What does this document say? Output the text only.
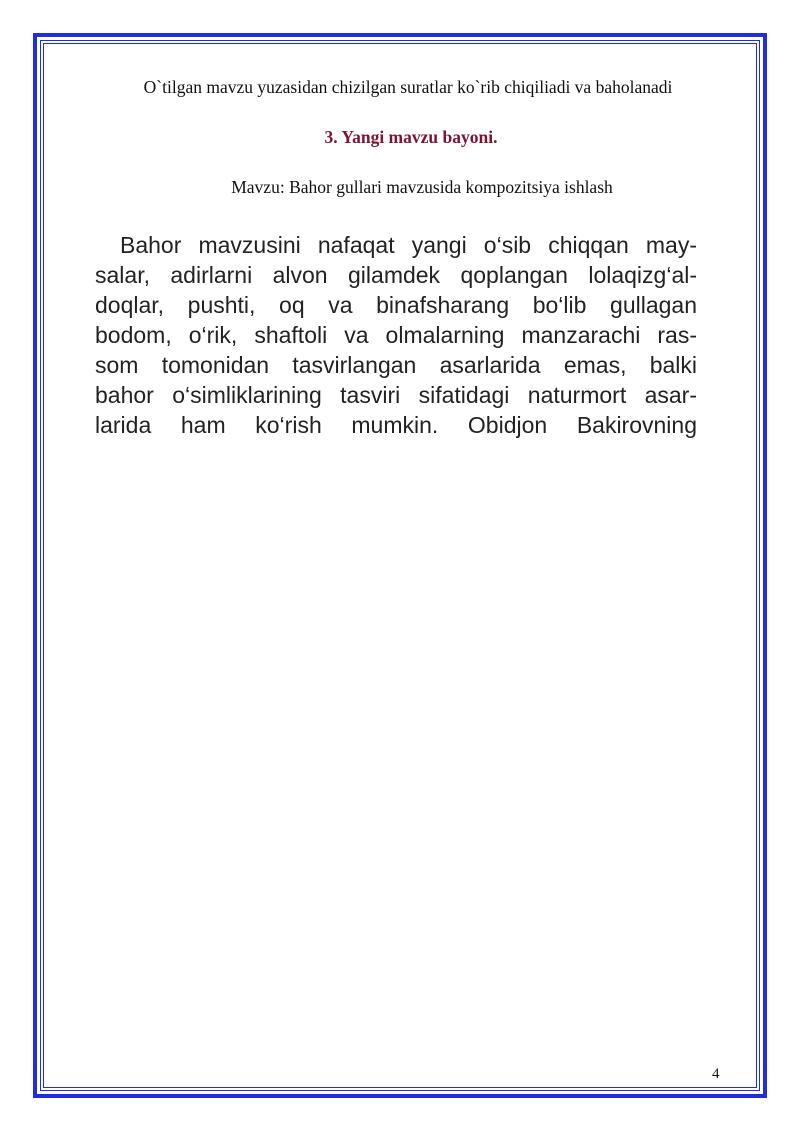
O`tilgan mavzu yuzasidan chizilgan suratlar ko`rib chiqiliadi va baholanadi
3. Yangi mavzu bayoni.
Mavzu: Bahor gullari mavzusida kompozitsiya ishlash
Bahor mavzusini nafaqat yangi o‘sib chiqqan may-
salar, adirlarni alvon gilamdek qoplangan lolaqizg‘al-
doqlar, pushti, oq va binafsharang bo‘lib gullagan
bodom, o‘rik, shaftoli va olmalarning manzarachi ras-
som tomonidan tasvirlangan asarlarida emas, balki
bahor o‘simliklarining tasviri sifatidagi naturmort asar-
larida ham ko‘rish mumkin. Obidjon Bakirovning
4
